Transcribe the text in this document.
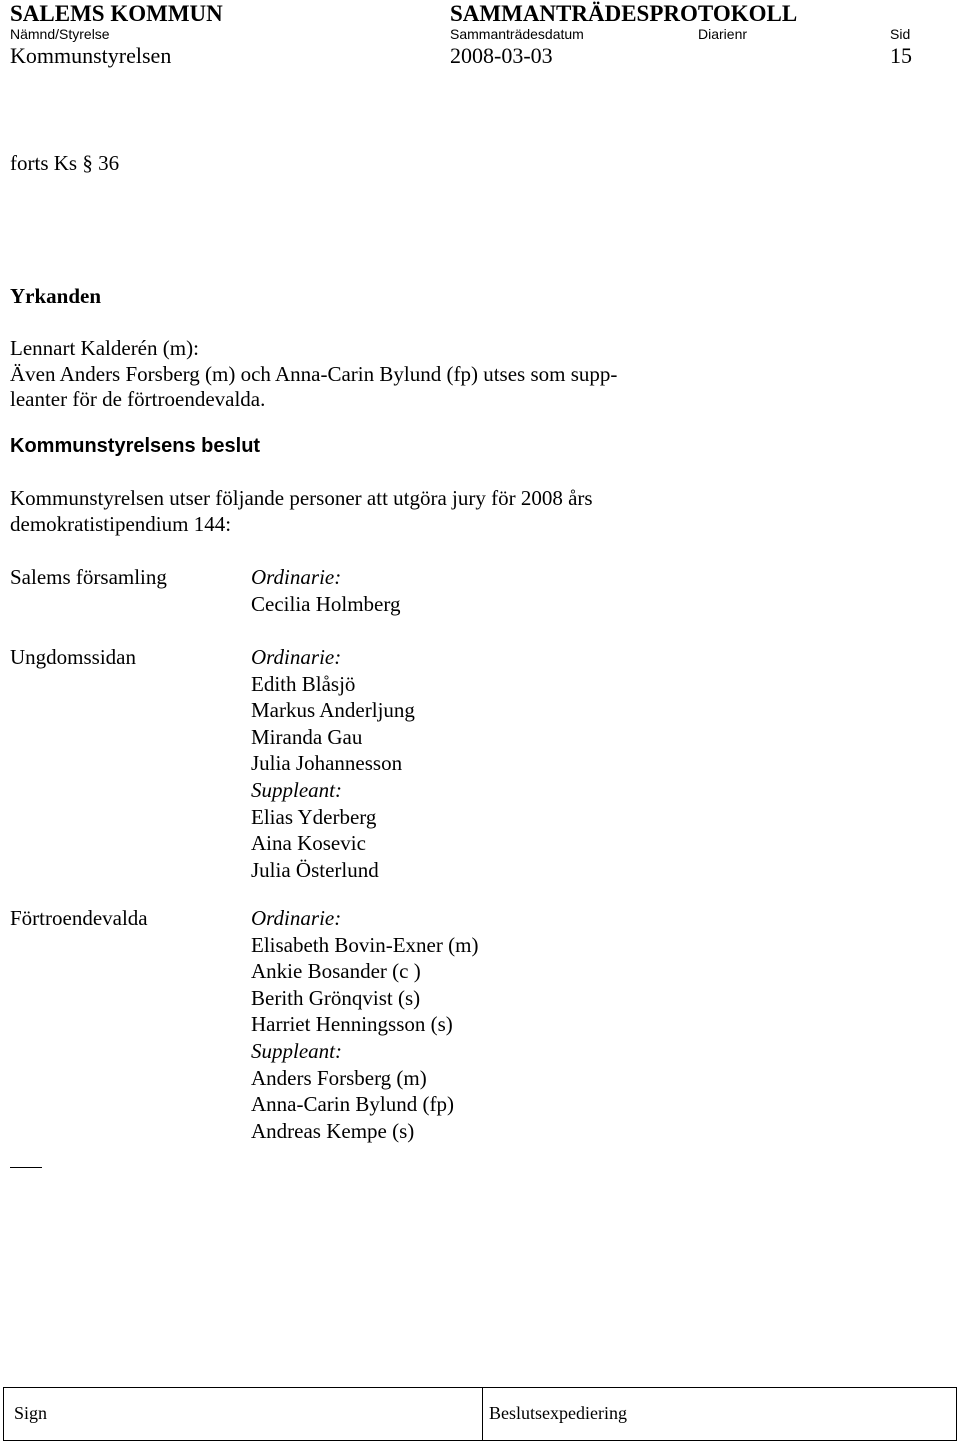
SALEMS KOMMUN	SAMMANTRÄDESPROTOKOLL
Nämnd/Styrelse	Sammanträdesdatum	Diarienr	Sid
Kommunstyrelsen	2008-03-03	15
forts Ks § 36
Yrkanden
Lennart Kalderén (m):
Även Anders Forsberg (m) och Anna-Carin Bylund (fp) utses som supp-
leanter för de förtroendevalda.
Kommunstyrelsens beslut
Kommunstyrelsen utser följande personer att utgöra jury för 2008 års
demokratistipendium 144:
Salems församling	Ordinarie:
Cecilia Holmberg
Ungdomssidan	Ordinarie:
Edith Blåsjö
Markus Anderljung
Miranda Gau
Julia Johannesson
Suppleant:
Elias Yderberg
Aina Kosevic
Julia Österlund
Förtroendevalda	Ordinarie:
Elisabeth Bovin-Exner (m)
Ankie Bosander (c )
Berith Grönqvist (s)
Harriet Henningsson (s)
Suppleant:
Anders Forsberg (m)
Anna-Carin Bylund (fp)
Andreas Kempe (s)
Sign	Beslutsexpediering
